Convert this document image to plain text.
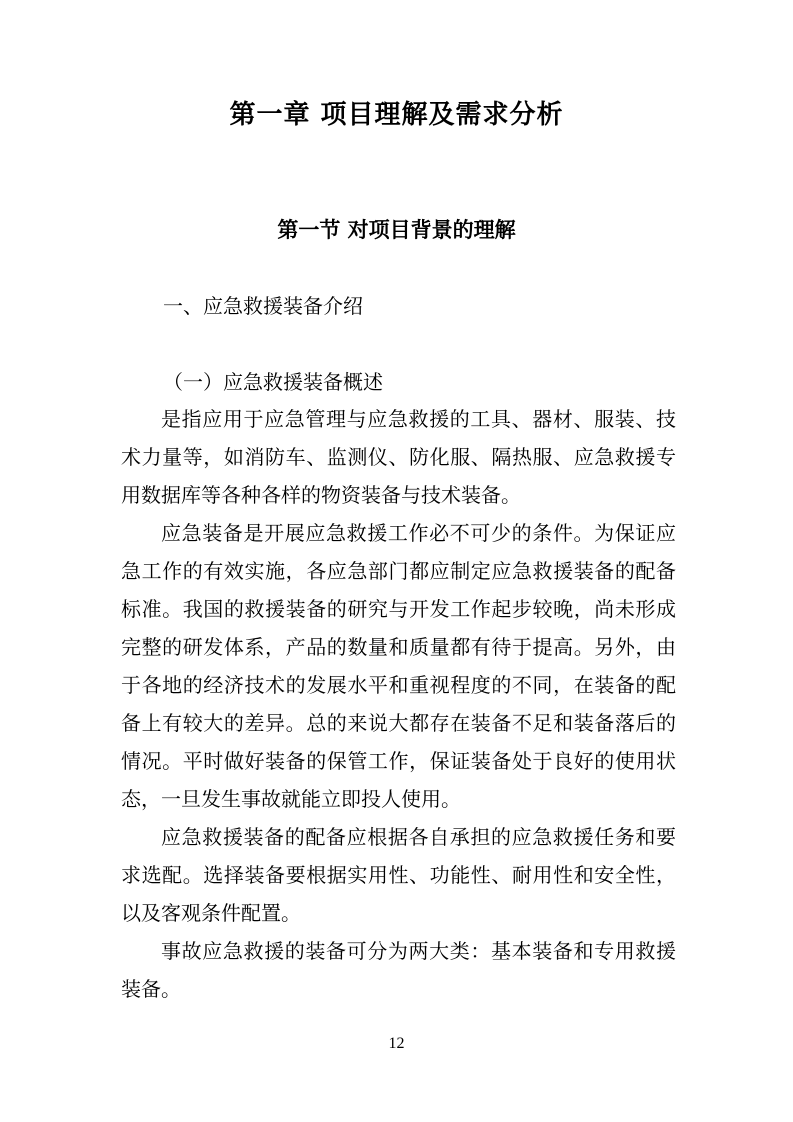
第一章 项目理解及需求分析
第一节 对项目背景的理解
一、应急救援装备介绍
（一）应急救援装备概述

是指应用于应急管理与应急救援的工具、器材、服装、技术力量等，如消防车、监测仪、防化服、隔热服、应急救援专用数据库等各种各样的物资装备与技术装备。

应急装备是开展应急救援工作必不可少的条件。为保证应急工作的有效实施，各应急部门都应制定应急救援装备的配备标准。我国的救援装备的研究与开发工作起步较晚，尚未形成完整的研发体系，产品的数量和质量都有待于提高。另外，由于各地的经济技术的发展水平和重视程度的不同，在装备的配备上有较大的差异。总的来说大都存在装备不足和装备落后的情况。平时做好装备的保管工作，保证装备处于良好的使用状态，一旦发生事故就能立即投人使用。

应急救援装备的配备应根据各自承担的应急救援任务和要求选配。选择装备要根据实用性、功能性、耐用性和安全性，以及客观条件配置。

事故应急救援的装备可分为两大类：基本装备和专用救援装备。

12
